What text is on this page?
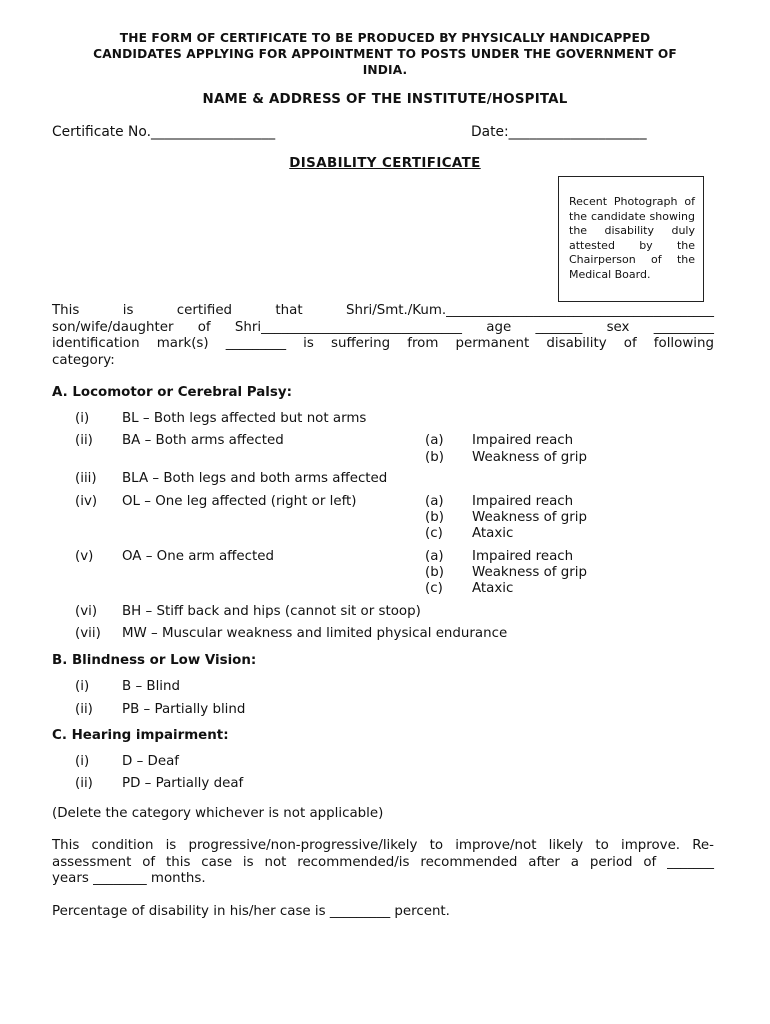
THE FORM OF CERTIFICATE TO BE PRODUCED BY PHYSICALLY HANDICAPPED
CANDIDATES APPLYING FOR APPOINTMENT TO POSTS UNDER THE GOVERNMENT OF
INDIA.
NAME & ADDRESS OF THE INSTITUTE/HOSPITAL
Certificate No.__________________	Date:____________________
DISABILITY CERTIFICATE
Recent Photograph of the candidate showing the disability duly attested by the Chairperson of the Medical Board.
This is certified that Shri/Smt./Kum.________________________________________
son/wife/daughter of Shri______________________________ age _______ sex _________
identification mark(s) _________ is suffering from permanent disability of following
category:
A. Locomotor or Cerebral Palsy:
(i) BL – Both legs affected but not arms
(ii) BA – Both arms affected	(a) Impaired reach
(b) Weakness of grip
(iii) BLA – Both legs and both arms affected
(iv) OL – One leg affected (right or left)	(a) Impaired reach
(b) Weakness of grip
(c) Ataxic
(v) OA – One arm affected	(a) Impaired reach
(b) Weakness of grip
(c) Ataxic
(vi) BH – Stiff back and hips (cannot sit or stoop)
(vii) MW – Muscular weakness and limited physical endurance
B. Blindness or Low Vision:
(i) B – Blind
(ii) PB – Partially blind
C. Hearing impairment:
(i) D – Deaf
(ii) PD – Partially deaf
(Delete the category whichever is not applicable)
This condition is progressive/non-progressive/likely to improve/not likely to improve. Re-
assessment of this case is not recommended/is recommended after a period of _______
years ________ months.
Percentage of disability in his/her case is _________ percent.
